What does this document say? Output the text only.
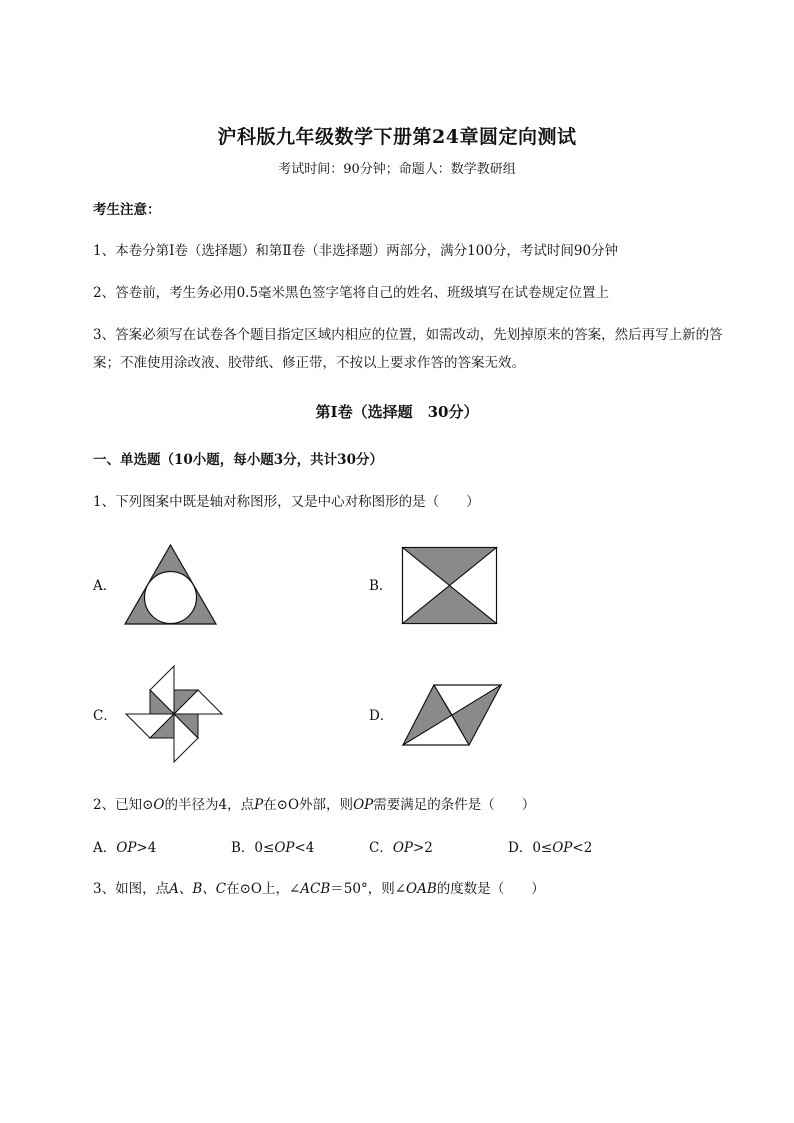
沪科版九年级数学下册第24章圆定向测试
考试时间：90分钟；命题人：数学教研组
考生注意：
1、本卷分第I卷（选择题）和第Ⅱ卷（非选择题）两部分，满分100分，考试时间90分钟
2、答卷前，考生务必用0.5毫米黑色签字笔将自己的姓名、班级填写在试卷规定位置上
3、答案必须写在试卷各个题目指定区域内相应的位置，如需改动，先划掉原来的答案，然后再写上新的答案；不准使用涂改液、胶带纸、修正带，不按以上要求作答的答案无效。
第I卷（选择题　30分）
一、单选题（10小题，每小题3分，共计30分）
1、下列图案中既是轴对称图形，又是中心对称图形的是（　　）
A．	B．
C．	D．
2、已知⊙O的半径为4，点P在⊙O外部，则OP需要满足的条件是（　　）
A．OP>4	B．0≤OP<4	C．OP>2	D．0≤OP<2
3、如图，点A、B、C在⊙O上，∠ACB＝50°，则∠OAB的度数是（　　）
